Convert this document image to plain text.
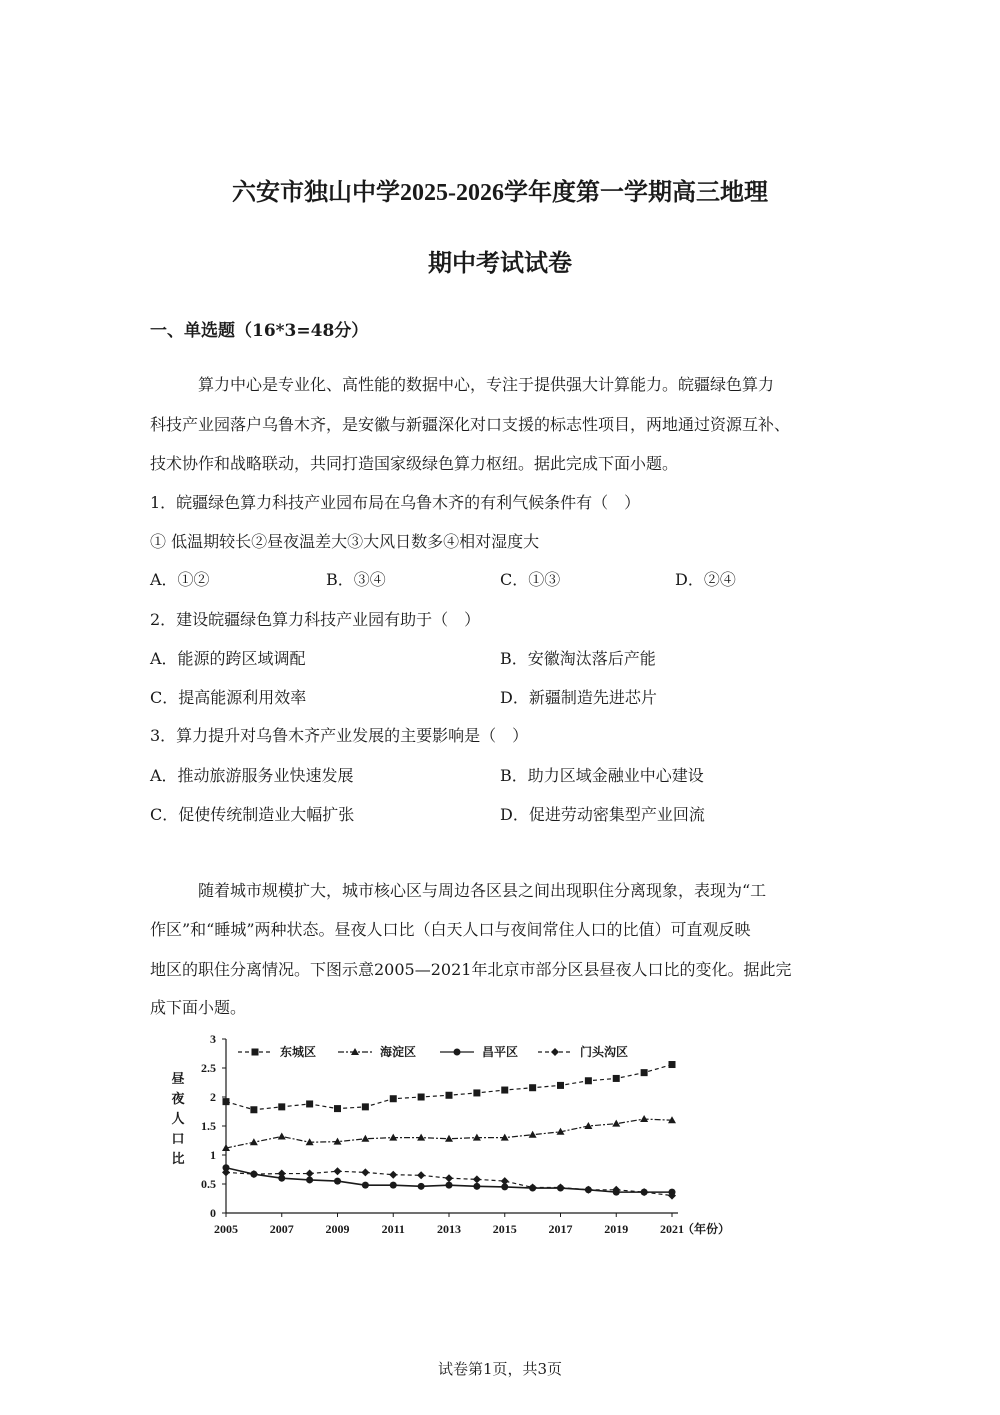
六安市独山中学2025-2026学年度第一学期高三地理
期中考试试卷
一、单选题（16*3=48分）
算力中心是专业化、高性能的数据中心，专注于提供强大计算能力。皖疆绿色算力
科技产业园落户乌鲁木齐，是安徽与新疆深化对口支援的标志性项目，两地通过资源互补、
技术协作和战略联动，共同打造国家级绿色算力枢纽。据此完成下面小题。
1．皖疆绿色算力科技产业园布局在乌鲁木齐的有利气候条件有（　）
① 低温期较长②昼夜温差大③大风日数多④相对湿度大
A．①②	B．③④	C．①③	D．②④
2．建设皖疆绿色算力科技产业园有助于（　）
A．能源的跨区域调配	B．安徽淘汰落后产能
C．提高能源利用效率	D．新疆制造先进芯片
3．算力提升对乌鲁木齐产业发展的主要影响是（　）
A．推动旅游服务业快速发展	B．助力区域金融业中心建设
C．促使传统制造业大幅扩张	D．促进劳动密集型产业回流
随着城市规模扩大，城市核心区与周边各区县之间出现职住分离现象，表现为“工
作区”和“睡城”两种状态。昼夜人口比（白天人口与夜间常住人口的比值）可直观反映
地区的职住分离情况。下图示意2005—2021年北京市部分区县昼夜人口比的变化。据此完
成下面小题。
0
0.5
1
1.5
2
2.5
3
2005	2007	2009	2011	2013	2015	2017	2019	2021
（年份）
昼
夜
人
口
比
东城区	海淀区	昌平区	门头沟区
试卷第1页，共3页
